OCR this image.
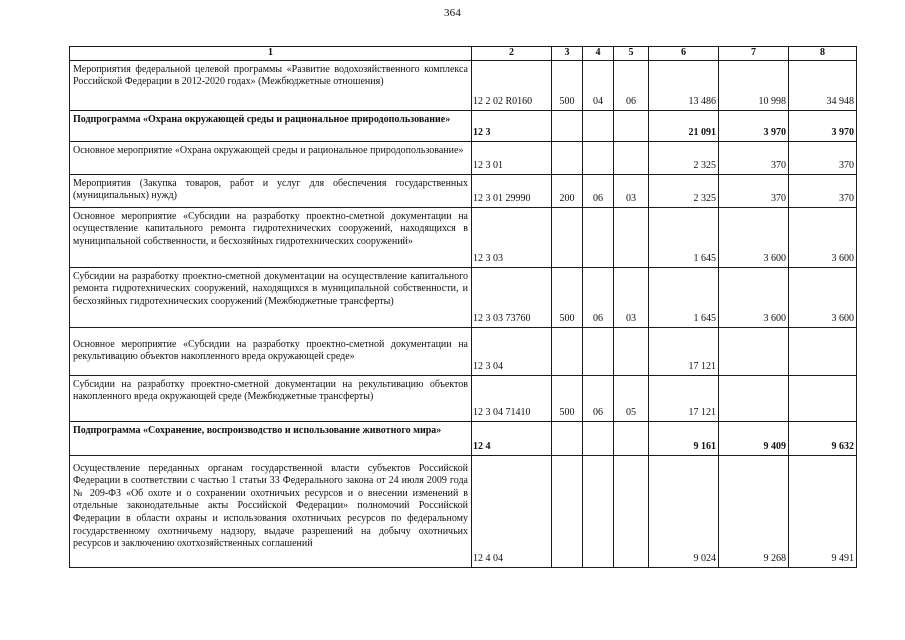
364
1	2	3	4	5	6	7	8
Мероприятия федеральной целевой программы «Развитие водохозяйственного комплекса Российской Федерации в 2012-2020 годах» (Межбюджетные отношения)	12 2 02 R0160	500	04	06	13 486	10 998	34 948
Подпрограмма «Охрана окружающей среды и рациональное природопользование»	12 3				21 091	3 970	3 970
Основное мероприятие «Охрана окружающей среды и рациональное природопользование»	12 3 01				2 325	370	370
Мероприятия (Закупка товаров, работ и услуг для обеспечения государственных (муниципальных) нужд)	12 3 01 29990	200	06	03	2 325	370	370
Основное мероприятие «Субсидии на разработку проектно-сметной документации на осуществление капитального ремонта гидротехнических сооружений, находящихся в муниципальной собственности, и бесхозяйных гидротехнических сооружений»	12 3 03				1 645	3 600	3 600
Субсидии на разработку проектно-сметной документации на осуществление капитального ремонта гидротехнических сооружений, находящихся в муниципальной собственности, и бесхозяйных гидротехнических сооружений (Межбюджетные трансферты)	12 3 03 73760	500	06	03	1 645	3 600	3 600
Основное мероприятие «Субсидии на разработку проектно-сметной документации на рекультивацию объектов накопленного вреда окружающей среде»	12 3 04				17 121		
Субсидии на разработку проектно-сметной документации на рекультивацию объектов накопленного вреда окружающей среде (Межбюджетные трансферты)	12 3 04 71410	500	06	05	17 121		
Подпрограмма «Сохранение, воспроизводство и использование животного мира»	12 4				9 161	9 409	9 632
Осуществление переданных органам государственной власти субъектов Российской Федерации в соответствии с частью 1 статьи 33 Федерального закона от 24 июля 2009 года № 209-ФЗ «Об охоте и о сохранении охотничьих ресурсов и о внесении изменений в отдельные законодательные акты Российской Федерации» полномочий Российской Федерации в области охраны и использования охотничьих ресурсов по федеральному государственному охотничьему надзору, выдаче разрешений на добычу охотничьих ресурсов и заключению охотхозяйственных соглашений	12 4 04				9 024	9 268	9 491
